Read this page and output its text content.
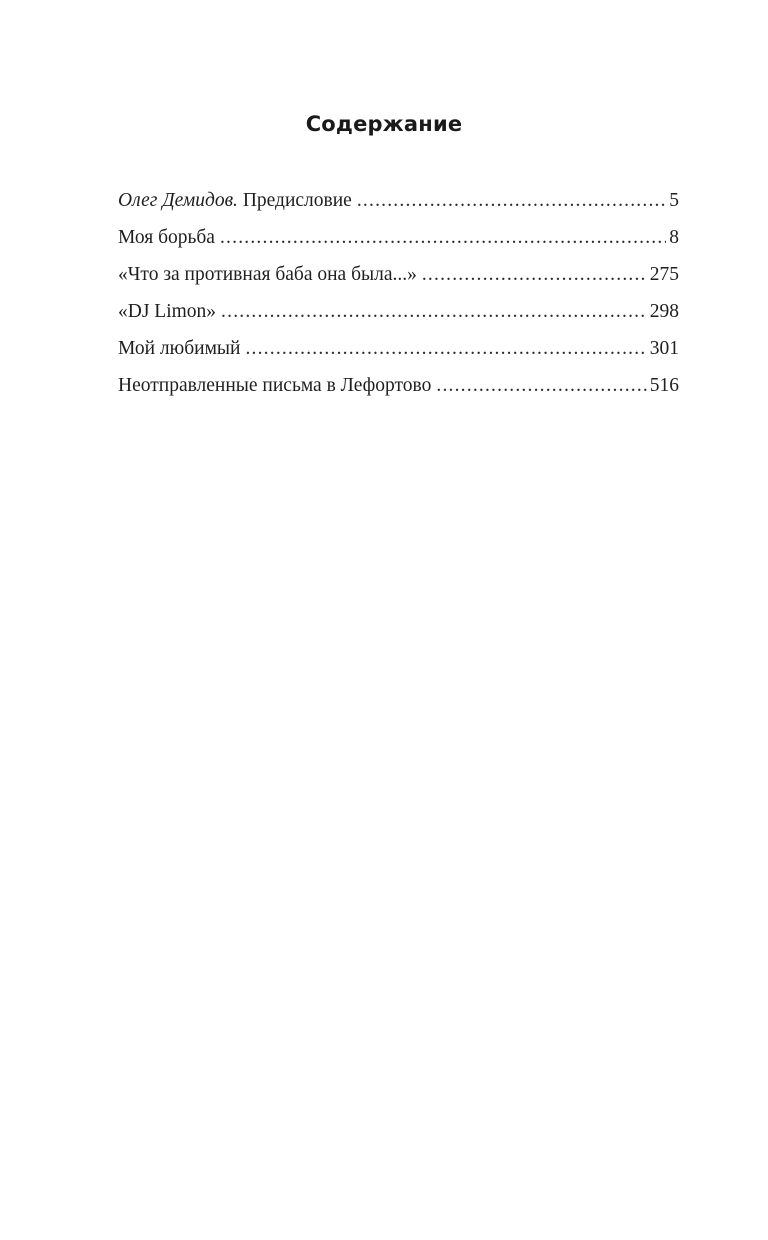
Содержание
Олег Демидов. Предисловие .....	5
Моя борьба .....	8
«Что за противная баба она была...» .....	275
«DJ Limon» .....	298
Мой любимый .....	301
Неотправленные письма в Лефортово .....	516
